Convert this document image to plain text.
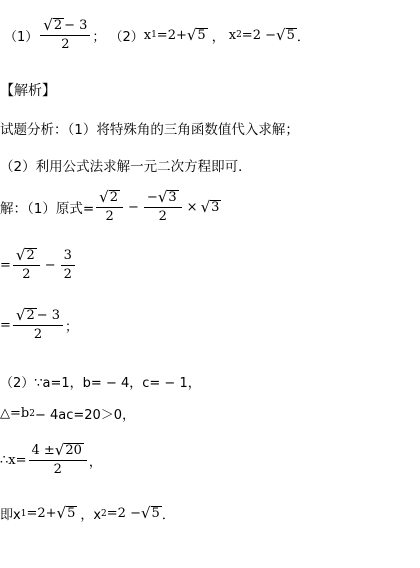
$(1) \frac{√ 2 - 3}{2}$ ； （2） x 1 =2+ √ 5 ， x 2 =2 − √ 5 ．
【解析】
试题分析：（1）将特殊角的三角函数值代入求解；
（2）利用公式法求解一元二次方程即可．
解：（1）原式= $\frac{√ 2}{2} - \frac{- √ 3}{2}$ × √ 3
= $\frac{√ 2}{2} - \frac{3}{2}$
= $\frac{√ 2 - 3}{2}$ ；
（2）∵a=1，b= − 4，c= − 1，
△=b 2 − 4ac=20＞0，
∴x= $\frac{4 \pm √ 20}{2}$ ，
即x 1 =2+ √ 5 ，x 2 =2 − √ 5 ．
